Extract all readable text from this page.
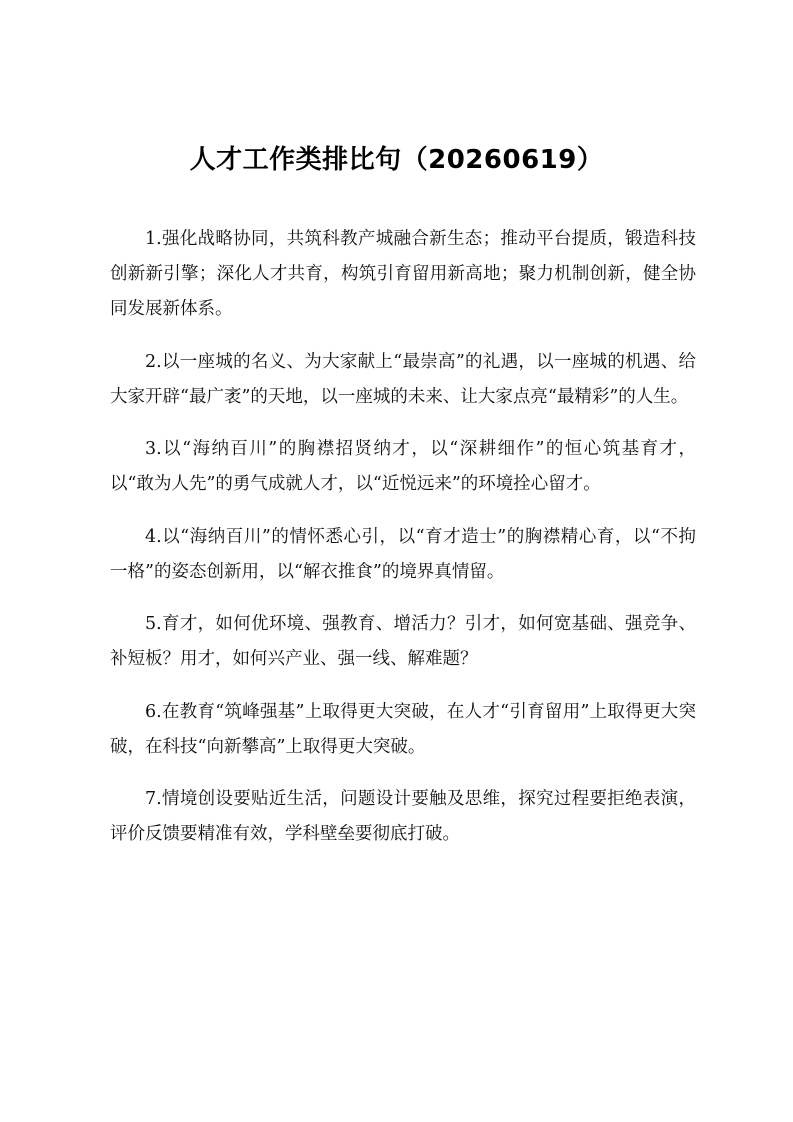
人才工作类排比句（20260619）

1.强化战略协同，共筑科教产城融合新生态；推动平台提质，锻造科技创新新引擎；深化人才共育，构筑引育留用新高地；聚力机制创新，健全协同发展新体系。

2.以一座城的名义、为大家献上“最崇高”的礼遇，以一座城的机遇、给大家开辟“最广袤”的天地，以一座城的未来、让大家点亮“最精彩”的人生。

3.以“海纳百川”的胸襟招贤纳才，以“深耕细作”的恒心筑基育才，以“敢为人先”的勇气成就人才，以“近悦远来”的环境拴心留才。

4.以“海纳百川”的情怀悉心引，以“育才造士”的胸襟精心育，以“不拘一格”的姿态创新用，以“解衣推食”的境界真情留。

5.育才，如何优环境、强教育、增活力？引才，如何宽基础、强竞争、补短板？用才，如何兴产业、强一线、解难题？

6.在教育“筑峰强基”上取得更大突破，在人才“引育留用”上取得更大突破，在科技“向新攀高”上取得更大突破。

7.情境创设要贴近生活，问题设计要触及思维，探究过程要拒绝表演，评价反馈要精准有效，学科壁垒要彻底打破。
